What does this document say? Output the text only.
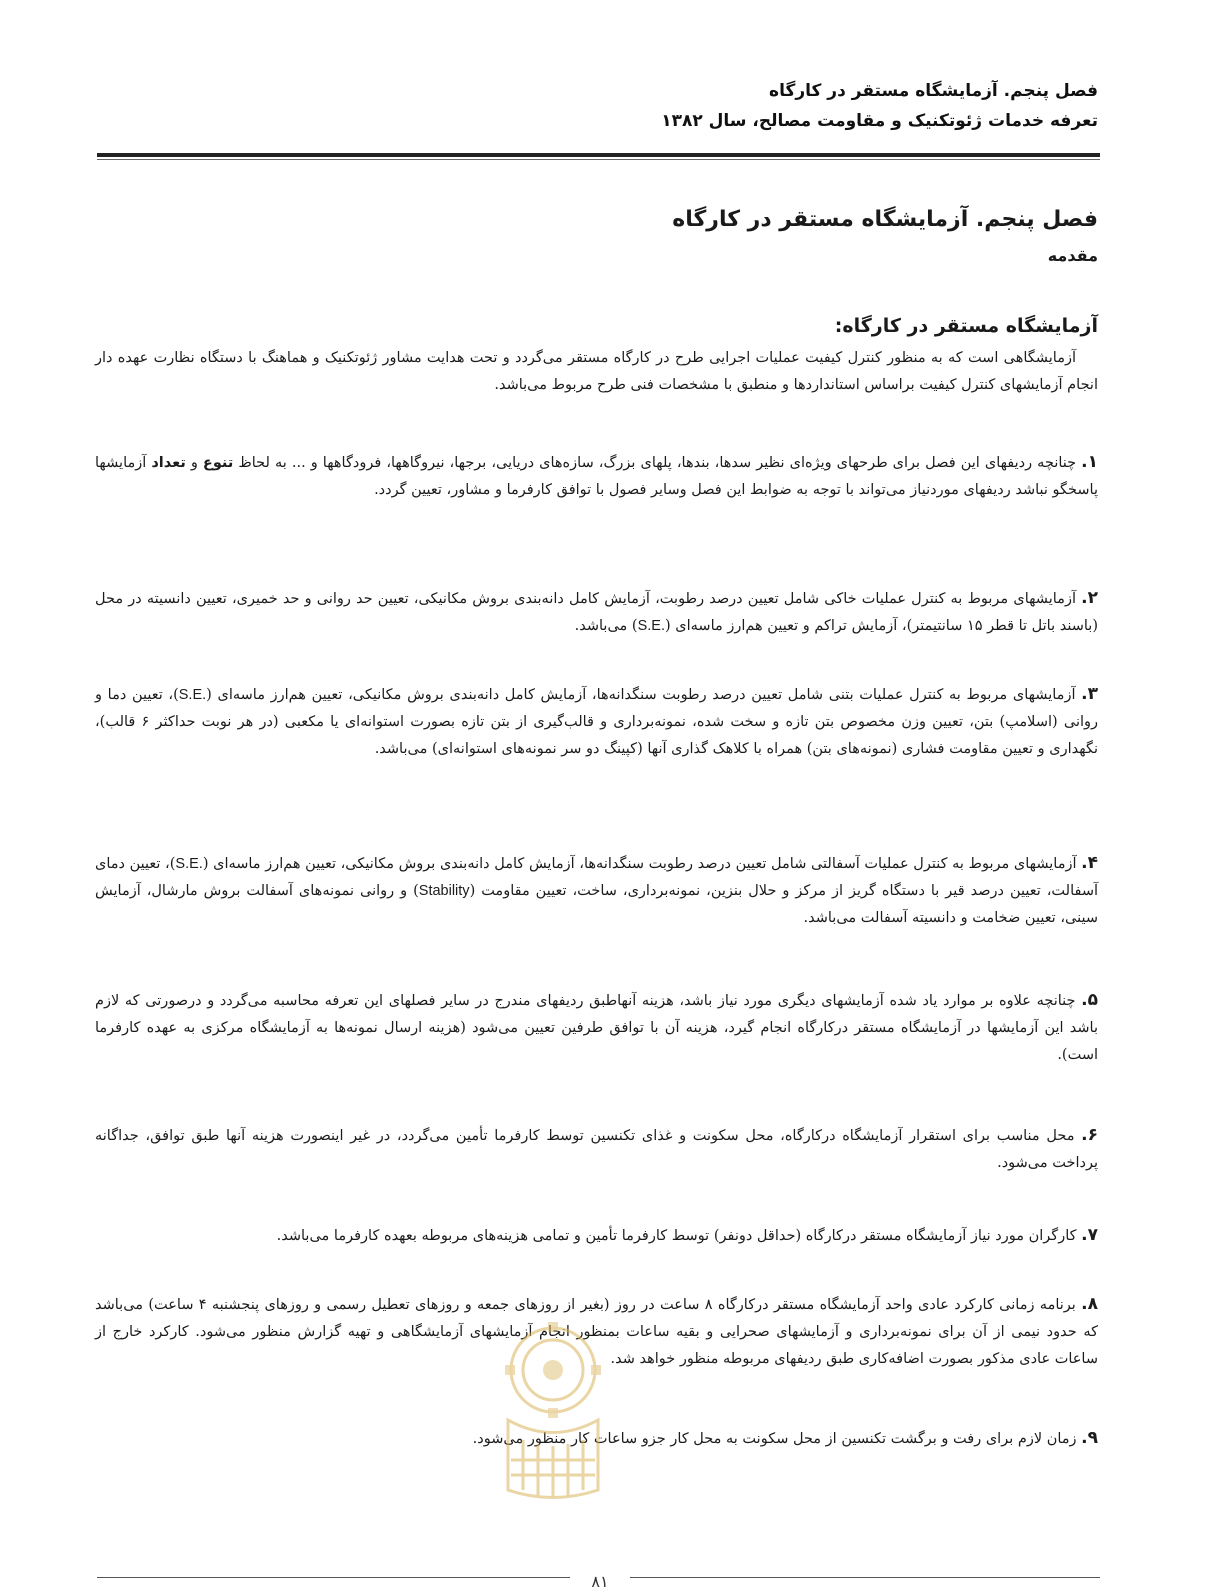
فصل پنجم. آزمایشگاه مستقر در کارگاه
تعرفه خدمات ژئوتکنیک و مقاومت مصالح، سال ۱۳۸۲
فصل پنجم. آزمایشگاه مستقر در کارگاه
مقدمه
آزمایشگاه مستقر در کارگاه:
آزمایشگاهی است که به منظور کنترل کیفیت عملیات اجرایی طرح در کارگاه مستقر می‌گردد و تحت هدایت مشاور ژئوتکنیک و هماهنگ با دستگاه نظارت عهده دار انجام آزمایشهای کنترل کیفیت براساس استانداردها و منطبق با مشخصات فنی طرح مربوط می‌باشد.
۱. چنانچه ردیفهای این فصل برای طرحهای ویژه‌ای نظیر سدها، بندها، پلهای بزرگ، سازه‌های دریایی، برجها، نیروگاهها، فرودگاهها و ... به لحاظ تنوع و تعداد آزمایشها پاسخگو نباشد ردیفهای موردنیاز می‌تواند با توجه به ضوابط این فصل وسایر فصول با توافق کارفرما و مشاور، تعیین گردد.
۲. آزمایشهای مربوط به کنترل عملیات خاکی شامل تعیین درصد رطوبت، آزمایش کامل دانه‌بندی بروش مکانیکی، تعیین حد روانی و حد خمیری، تعیین دانسیته در محل (باسند باتل تا قطر ۱۵ سانتیمتر)، آزمایش تراکم و تعیین هم‌ارز ماسه‌ای (S.E.) می‌باشد.
۳. آزمایشهای مربوط به کنترل عملیات بتنی شامل تعیین درصد رطوبت سنگدانه‌ها، آزمایش کامل دانه‌بندی بروش مکانیکی، تعیین هم‌ارز ماسه‌ای (S.E.)، تعیین دما و روانی (اسلامپ) بتن، تعیین وزن مخصوص بتن تازه و سخت شده، نمونه‌برداری و قالب‌گیری از بتن تازه بصورت استوانه‌ای یا مکعبی (در هر نوبت حداکثر ۶ قالب)، نگهداری و تعیین مقاومت فشاری (نمونه‌های بتن) همراه با کلاهک گذاری آنها (کپینگ دو سر نمونه‌های استوانه‌ای) می‌باشد.
۴. آزمایشهای مربوط به کنترل عملیات آسفالتی شامل تعیین درصد رطوبت سنگدانه‌ها، آزمایش کامل دانه‌بندی بروش مکانیکی، تعیین هم‌ارز ماسه‌ای (S.E.)، تعیین دمای آسفالت، تعیین درصد قیر با دستگاه گریز از مرکز و حلال بنزین، نمونه‌برداری، ساخت، تعیین مقاومت (Stability) و روانی نمونه‌های آسفالت بروش مارشال، آزمایش سینی، تعیین ضخامت و دانسیته آسفالت می‌باشد.
۵. چنانچه علاوه بر موارد یاد شده آزمایشهای دیگری مورد نیاز باشد، هزینه آنهاطبق ردیفهای مندرج در سایر فصلهای این تعرفه محاسبه می‌گردد و درصورتی که لازم باشد این آزمایشها در آزمایشگاه مستقر درکارگاه انجام گیرد، هزینه آن با توافق طرفین تعیین می‌شود (هزینه ارسال نمونه‌ها به آزمایشگاه مرکزی به عهده کارفرما است).
۶. محل مناسب برای استقرار آزمایشگاه درکارگاه، محل سکونت و غذای تکنسین توسط کارفرما تأمین می‌گردد، در غیر اینصورت هزینه آنها طبق توافق، جداگانه پرداخت می‌شود.
۷. کارگران مورد نیاز آزمایشگاه مستقر درکارگاه (حداقل دونفر) توسط کارفرما تأمین و تمامی هزینه‌های مربوطه بعهده کارفرما می‌باشد.
۸. برنامه زمانی کارکرد عادی واحد آزمایشگاه مستقر درکارگاه ۸ ساعت در روز (بغیر از روزهای جمعه و روزهای تعطیل رسمی و روزهای پنجشنبه ۴ ساعت) می‌باشد که حدود نیمی از آن برای نمونه‌برداری و آزمایشهای صحرایی و بقیه ساعات بمنظور انجام آزمایشهای آزمایشگاهی و تهیه گزارش منظور می‌شود. کارکرد خارج از ساعات عادی مذکور بصورت اضافه‌کاری طبق ردیفهای مربوطه منظور خواهد شد.
۹. زمان لازم برای رفت و برگشت تکنسین از محل سکونت به محل کار جزو ساعات کار منظور می‌شود.
۸۱
